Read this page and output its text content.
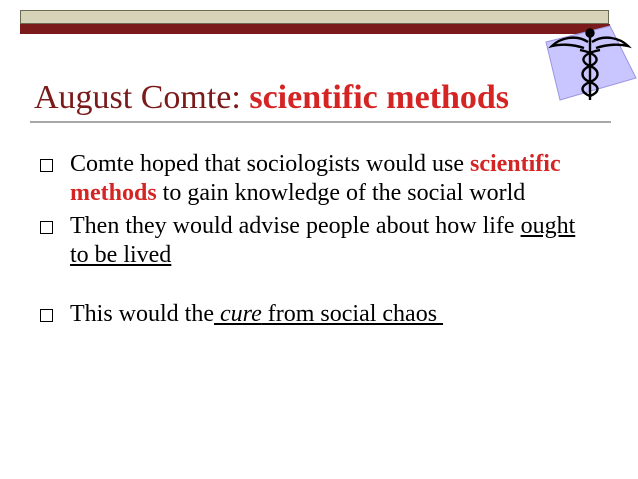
August Comte: scientific methods
Comte hoped that sociologists would use scientific methods to gain knowledge of the social world
Then they would advise people about how life ought to be lived
This would the cure from social chaos
